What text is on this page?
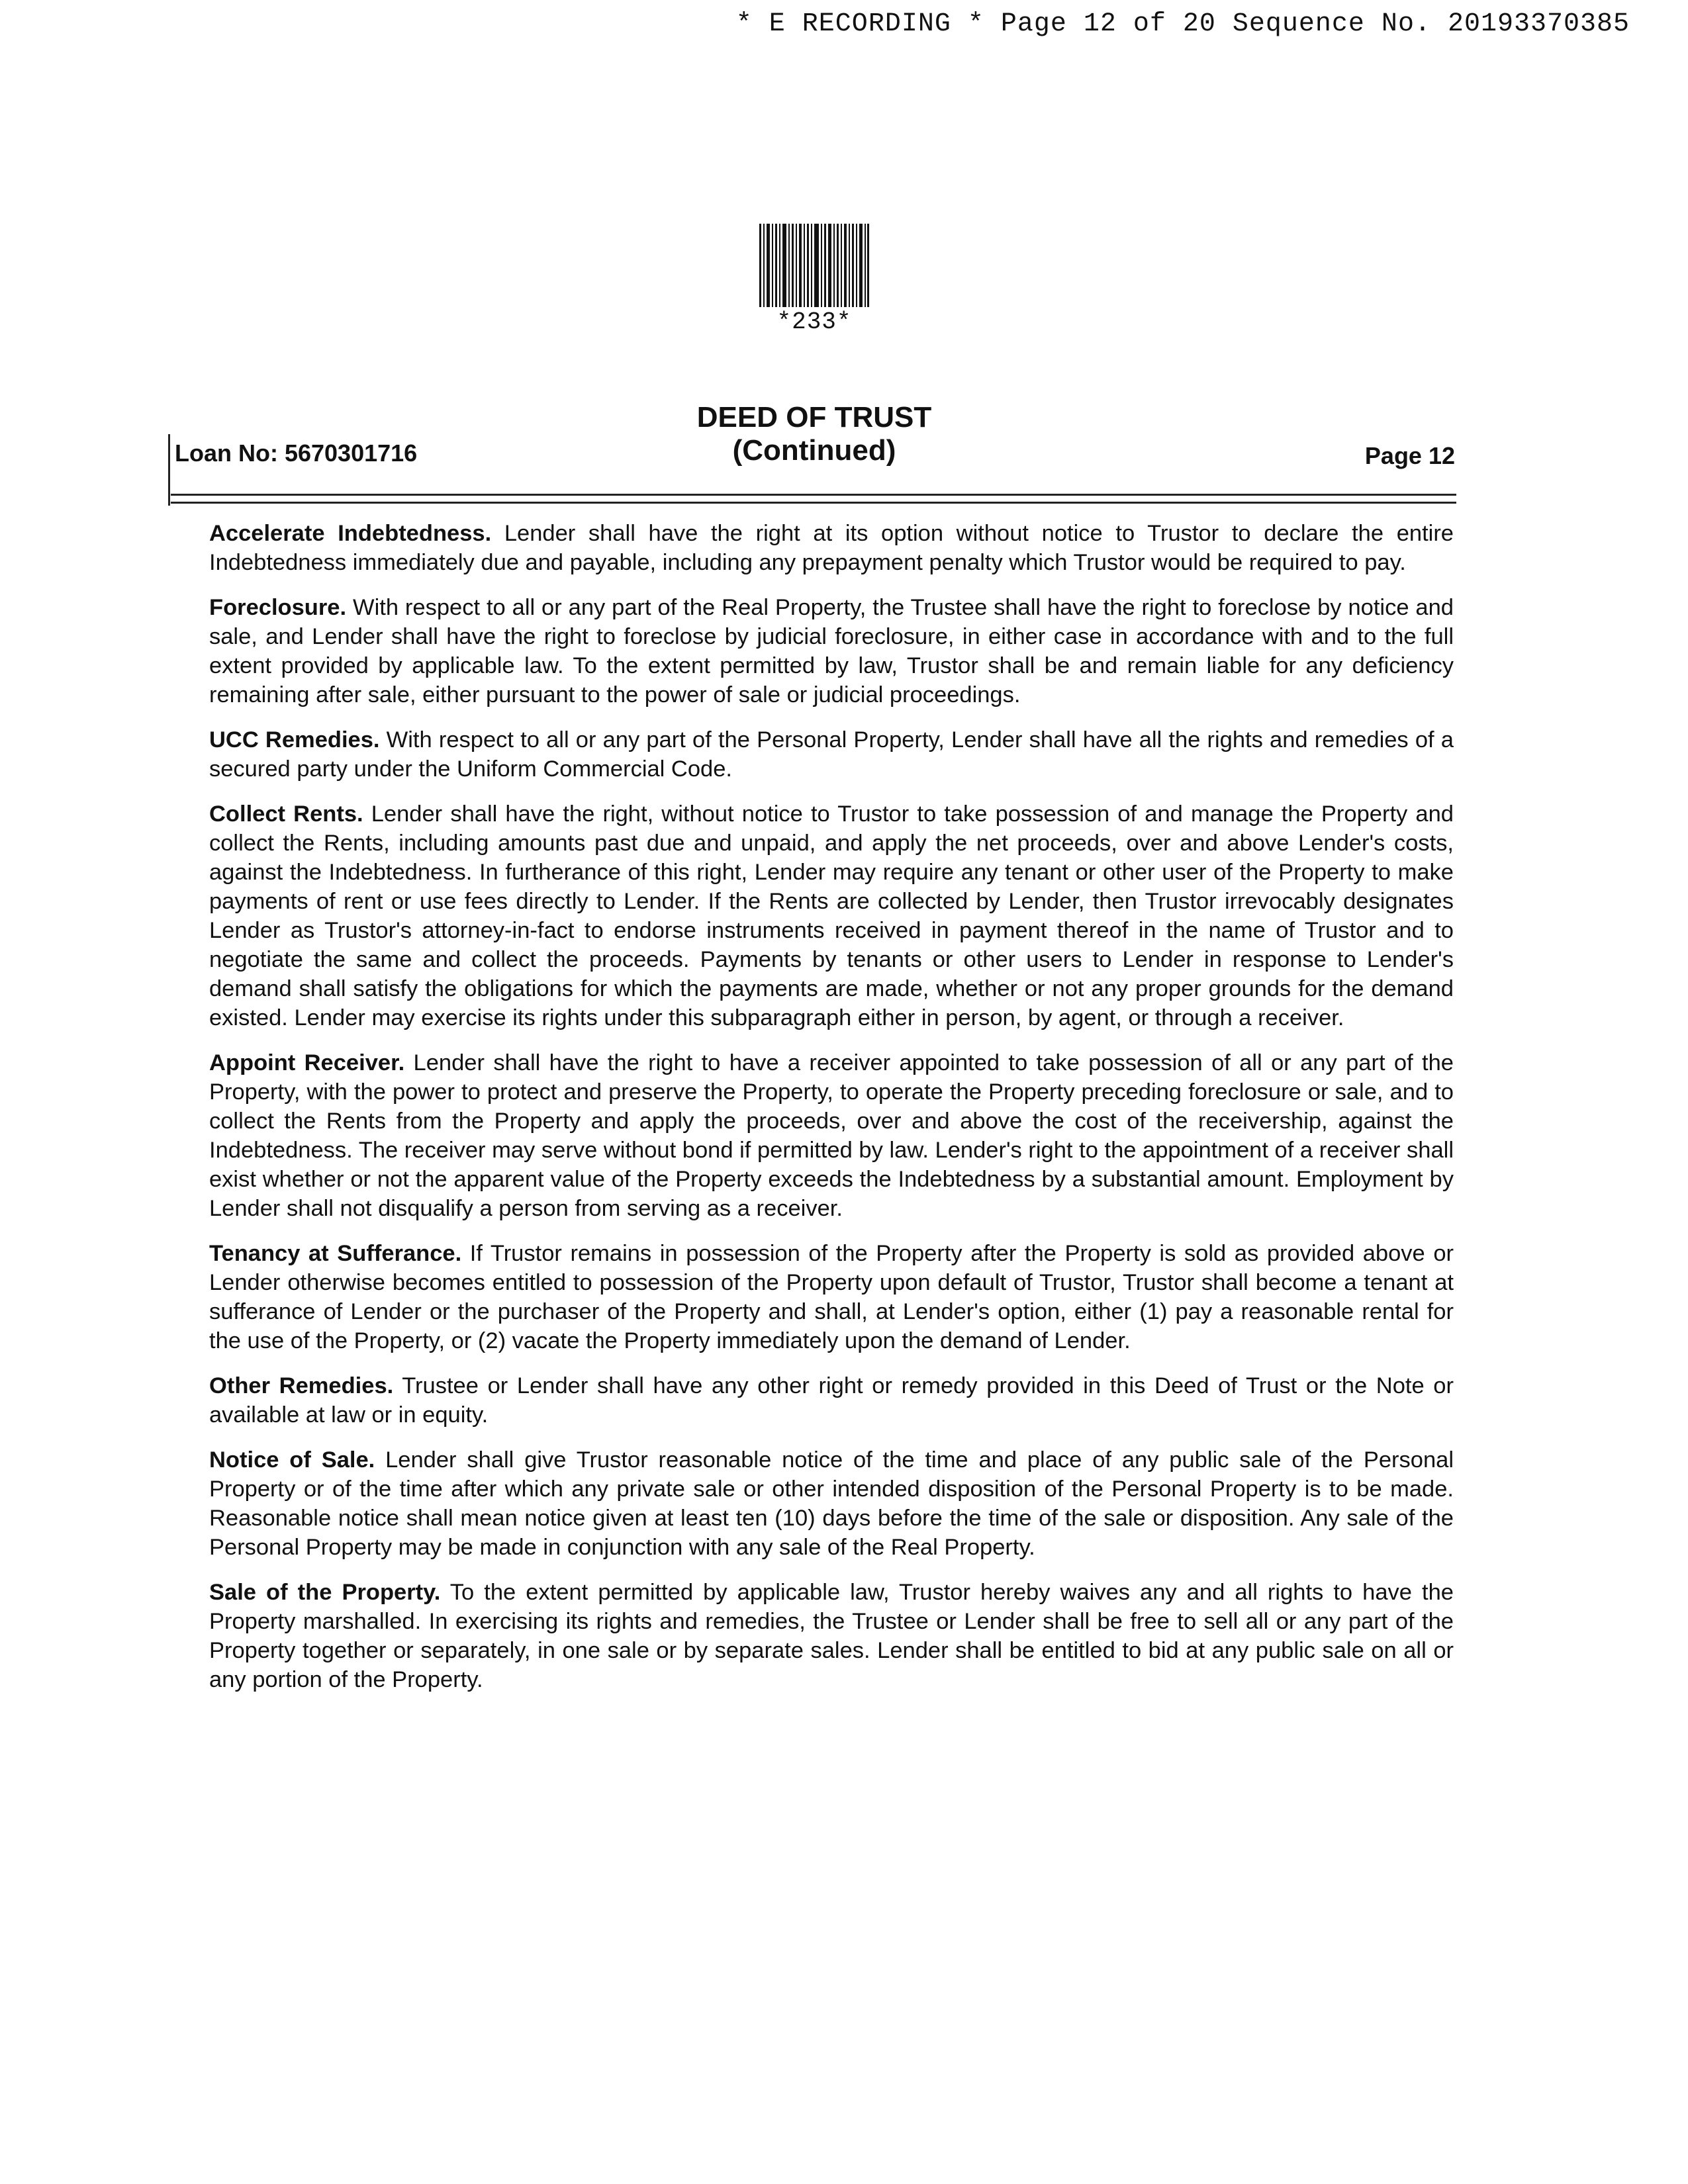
* E RECORDING * Page 12 of 20 Sequence No. 20193370385
*233*
DEED OF TRUST
(Continued)
Loan No: 5670301716	Page 12

Accelerate Indebtedness. Lender shall have the right at its option without notice to Trustor to declare the entire Indebtedness immediately due and payable, including any prepayment penalty which Trustor would be required to pay.

Foreclosure. With respect to all or any part of the Real Property, the Trustee shall have the right to foreclose by notice and sale, and Lender shall have the right to foreclose by judicial foreclosure, in either case in accordance with and to the full extent provided by applicable law. To the extent permitted by law, Trustor shall be and remain liable for any deficiency remaining after sale, either pursuant to the power of sale or judicial proceedings.

UCC Remedies. With respect to all or any part of the Personal Property, Lender shall have all the rights and remedies of a secured party under the Uniform Commercial Code.

Collect Rents. Lender shall have the right, without notice to Trustor to take possession of and manage the Property and collect the Rents, including amounts past due and unpaid, and apply the net proceeds, over and above Lender's costs, against the Indebtedness. In furtherance of this right, Lender may require any tenant or other user of the Property to make payments of rent or use fees directly to Lender. If the Rents are collected by Lender, then Trustor irrevocably designates Lender as Trustor's attorney-in-fact to endorse instruments received in payment thereof in the name of Trustor and to negotiate the same and collect the proceeds. Payments by tenants or other users to Lender in response to Lender's demand shall satisfy the obligations for which the payments are made, whether or not any proper grounds for the demand existed. Lender may exercise its rights under this subparagraph either in person, by agent, or through a receiver.

Appoint Receiver. Lender shall have the right to have a receiver appointed to take possession of all or any part of the Property, with the power to protect and preserve the Property, to operate the Property preceding foreclosure or sale, and to collect the Rents from the Property and apply the proceeds, over and above the cost of the receivership, against the Indebtedness. The receiver may serve without bond if permitted by law. Lender's right to the appointment of a receiver shall exist whether or not the apparent value of the Property exceeds the Indebtedness by a substantial amount. Employment by Lender shall not disqualify a person from serving as a receiver.

Tenancy at Sufferance. If Trustor remains in possession of the Property after the Property is sold as provided above or Lender otherwise becomes entitled to possession of the Property upon default of Trustor, Trustor shall become a tenant at sufferance of Lender or the purchaser of the Property and shall, at Lender's option, either (1) pay a reasonable rental for the use of the Property, or (2) vacate the Property immediately upon the demand of Lender.

Other Remedies. Trustee or Lender shall have any other right or remedy provided in this Deed of Trust or the Note or available at law or in equity.

Notice of Sale. Lender shall give Trustor reasonable notice of the time and place of any public sale of the Personal Property or of the time after which any private sale or other intended disposition of the Personal Property is to be made. Reasonable notice shall mean notice given at least ten (10) days before the time of the sale or disposition. Any sale of the Personal Property may be made in conjunction with any sale of the Real Property.

Sale of the Property. To the extent permitted by applicable law, Trustor hereby waives any and all rights to have the Property marshalled. In exercising its rights and remedies, the Trustee or Lender shall be free to sell all or any part of the Property together or separately, in one sale or by separate sales. Lender shall be entitled to bid at any public sale on all or any portion of the Property.
